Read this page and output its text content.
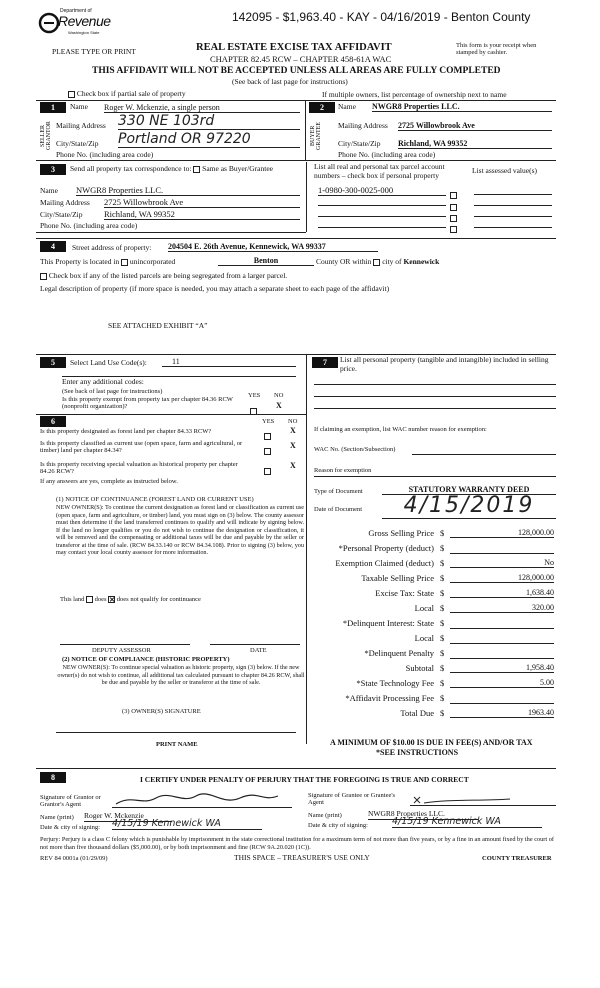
Department of
Revenue
Washington State
142095 - $1,963.40 - KAY - 04/16/2019 - Benton County
PLEASE TYPE OR PRINT	REAL ESTATE EXCISE TAX AFFIDAVIT
CHAPTER 82.45 RCW – CHAPTER 458-61A WAC
THIS AFFIDAVIT WILL NOT BE ACCEPTED UNLESS ALL AREAS ARE FULLY COMPLETED
(See back of last page for instructions)
This form is your receipt when stamped by cashier.
Check box if partial sale of property	If multiple owners, list percentage of ownership next to name
1
SELLER GRANTOR
Name Roger W. Mckenzie, a single person
Mailing Address 330 NE 103rd
City/State/Zip Portland OR 97220
Phone No. (including area code)
2
BUYER GRANTEE
Name NWGR8 Properties LLC.
Mailing Address 2725 Willowbrook Ave
City/State/Zip Richland, WA 99352
Phone No. (including area code)
3	Send all property tax correspondence to: Same as Buyer/Grantee	List all real and personal tax parcel account numbers – check box if personal property
List assessed value(s)
Name NWGR8 Properties LLC.
Mailing Address 2725 Willowbrook Ave
City/State/Zip	Richland, WA 99352
Phone No. (including area code)
1-0980-300-0025-000
4	Street address of property: 204504 E. 26th Avenue, Kennewick, WA 99337
This Property is located in unincorporated	Benton	County OR within city of Kennewick
Check box if any of the listed parcels are being segregated from a larger parcel.
Legal description of property (if more space is needed, you may attach a separate sheet to each page of the affidavit)
SEE ATTACHED EXHIBIT “A”
5	Select Land Use Code(s):	11
Enter any additional codes:
(See back of last page for instructions)
Is this property exempt from property tax per chapter 84.36 RCW (nonprofit organization)?
YES NO
X
6	YES NO
Is this property designated as forest land per chapter 84.33 RCW?	X
Is this property classified as current use (open space, farm and agricultural, or timber) land per chapter 84.34?
X
Is this property receiving special valuation as historical property per chapter 84.26 RCW?
X
If any answers are yes, complete as instructed below.
(1) NOTICE OF CONTINUANCE (FOREST LAND OR CURRENT USE)
NEW OWNER(S): To continue the current designation as forest land or classification as current use (open space, farm and agriculture, or timber) land, you must sign on (3) below. The county assessor must then determine if the land transferred continues to qualify and will indicate by signing below. If the land no longer qualifies or you do not wish to continue the designation or classification, it will be removed and the compensating or additional taxes will be due and payable by the seller or transferor at the time of sale. (RCW 84.33.140 or RCW 84.34.108). Prior to signing (3) below, you may contact your local county assessor for more information.
This land does ✕ does not qualify for continuance
DEPUTY ASSESSOR	DATE
(2) NOTICE OF COMPLIANCE (HISTORIC PROPERTY)
NEW OWNER(S): To continue special valuation as historic property, sign (3) below. If the new owner(s) do not wish to continue, all additional tax calculated pursuant to chapter 84.26 RCW, shall be due and payable by the seller or transferor at the time of sale.
(3) OWNER(S) SIGNATURE
PRINT NAME
7	List all personal property (tangible and intangible) included in selling price.
If claiming an exemption, list WAC number reason for exemption:
WAC No. (Section/Subsection)
Reason for exemption
Type of Document	STATUTORY WARRANTY DEED
Date of Document	4/15/2019
Gross Selling Price $	128,000.00
*Personal Property (deduct) $
Exemption Claimed (deduct) $	No
Taxable Selling Price $	128,000.00
Excise Tax: State $	1,638.40
Local $	320.00
*Delinquent Interest: State $
Local $
*Delinquent Penalty $
Subtotal $	1,958.40
*State Technology Fee $	5.00
*Affidavit Processing Fee $
Total Due $	1963.40
A MINIMUM OF $10.00 IS DUE IN FEE(S) AND/OR TAX
*SEE INSTRUCTIONS
8	I CERTIFY UNDER PENALTY OF PERJURY THAT THE FOREGOING IS TRUE AND CORRECT
Signature of Grantor or Grantor's Agent
Name (print) Roger W. Mckenzie
Date & city of signing: 4/15/19 Kennewick WA
Signature of Grantee or Grantee's Agent
Name (print)	NWGR8 Properties LLC.
Date & city of signing:	4/15/19 Kennewick WA
Perjury: Perjury is a class C felony which is punishable by imprisonment in the state correctional institution for a maximum term of not more than five years, or by a fine in an amount fixed by the court of not more than five thousand dollars ($5,000.00), or by both imprisonment and fine (RCW 9A.20.020 (1C)).
REV 84 0001a (01/29/09)	THIS SPACE – TREASURER'S USE ONLY	COUNTY TREASURER
